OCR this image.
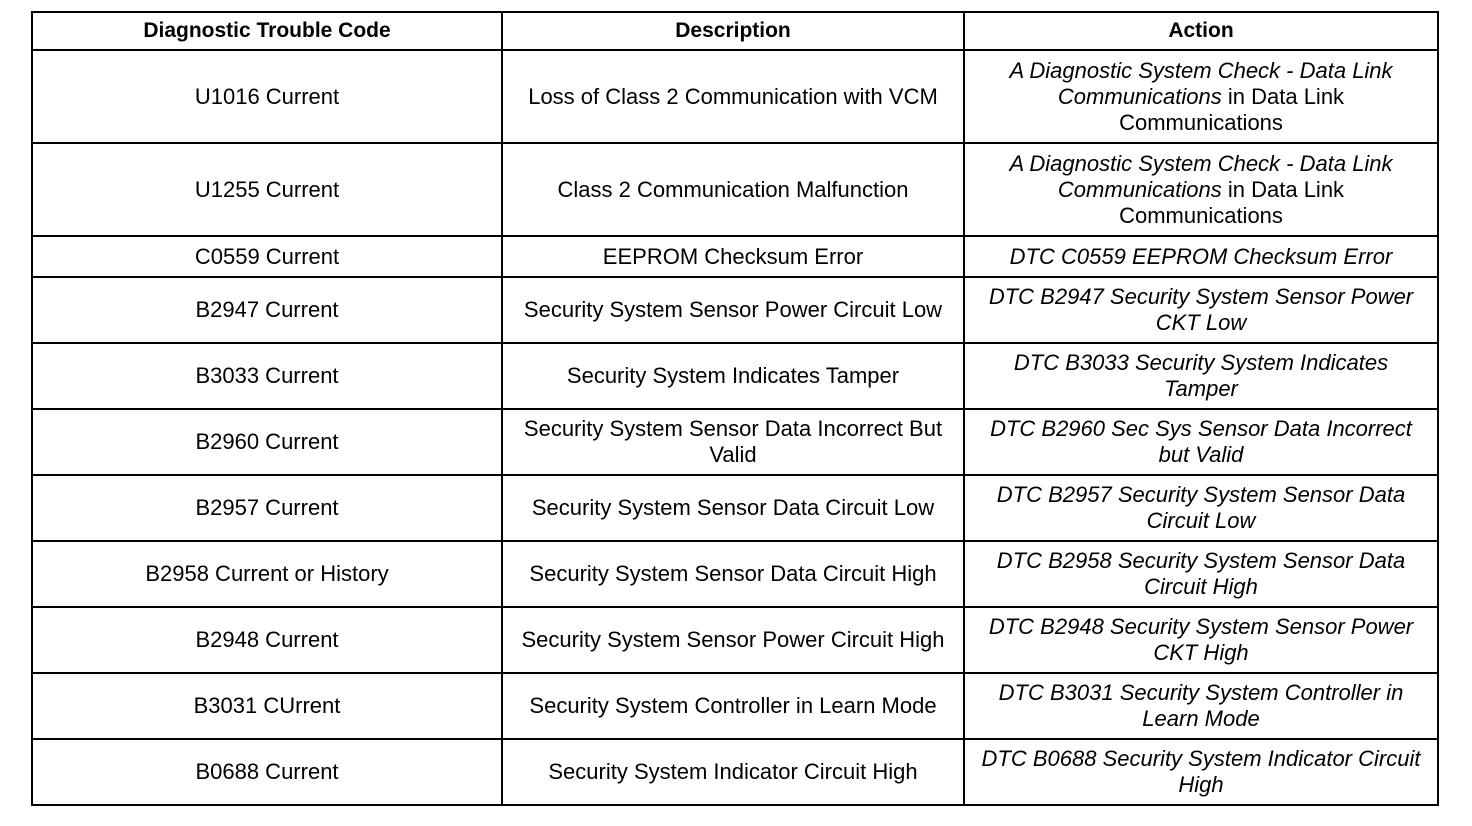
Diagnostic Trouble Code	Description	Action
U1016 Current	Loss of Class 2 Communication with VCM	A Diagnostic System Check - Data Link Communications in Data Link Communications
U1255 Current	Class 2 Communication Malfunction	A Diagnostic System Check - Data Link Communications in Data Link Communications
C0559 Current	EEPROM Checksum Error	DTC C0559 EEPROM Checksum Error
B2947 Current	Security System Sensor Power Circuit Low	DTC B2947 Security System Sensor Power CKT Low
B3033 Current	Security System Indicates Tamper	DTC B3033 Security System Indicates Tamper
B2960 Current	Security System Sensor Data Incorrect But Valid	DTC B2960 Sec Sys Sensor Data Incorrect but Valid
B2957 Current	Security System Sensor Data Circuit Low	DTC B2957 Security System Sensor Data Circuit Low
B2958 Current or History	Security System Sensor Data Circuit High	DTC B2958 Security System Sensor Data Circuit High
B2948 Current	Security System Sensor Power Circuit High	DTC B2948 Security System Sensor Power CKT High
B3031 CUrrent	Security System Controller in Learn Mode	DTC B3031 Security System Controller in Learn Mode
B0688 Current	Security System Indicator Circuit High	DTC B0688 Security System Indicator Circuit High
